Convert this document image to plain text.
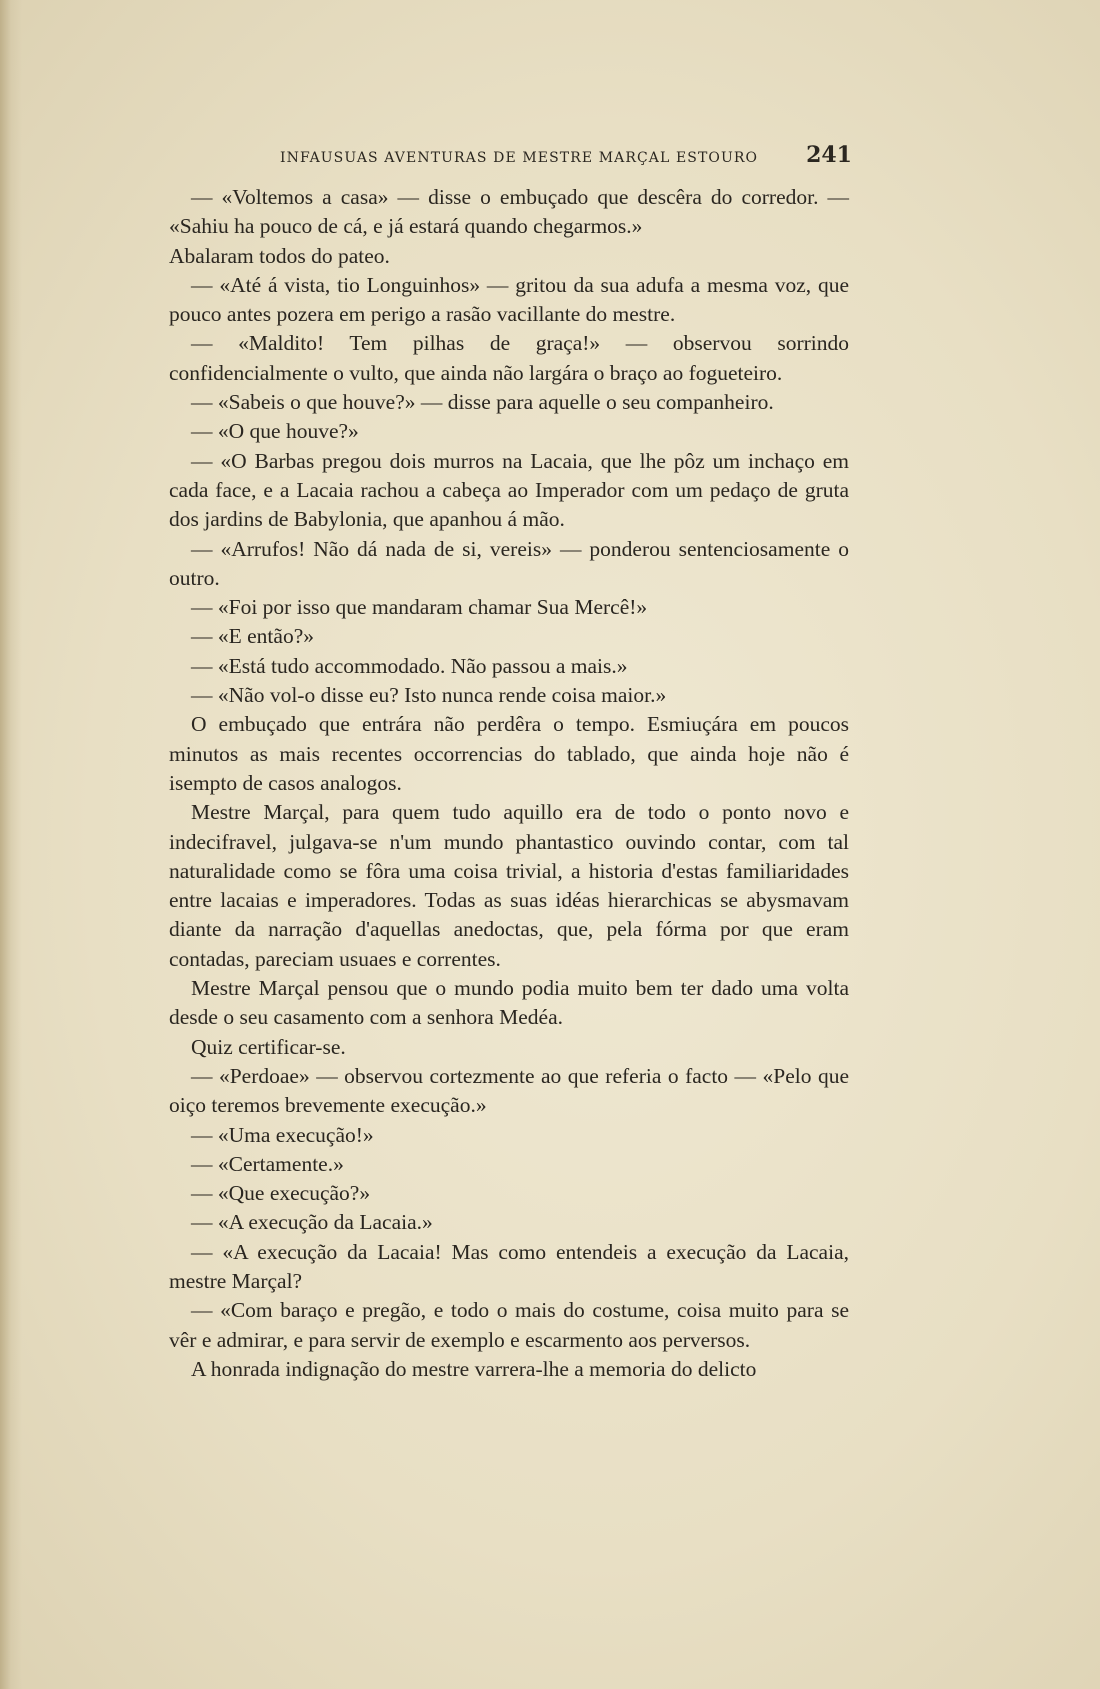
INFAUSUAS AVENTURAS DE MESTRE MARÇAL ESTOURO 241

— «Voltemos a casa» — disse o embuçado que descêra do corredor. — «Sahiu ha pouco de cá, e já estará quando chegarmos.»

Abalaram todos do pateo.

— «Até á vista, tio Longuinhos» — gritou da sua adufa a mesma voz, que pouco antes pozera em perigo a rasão vacillante do mestre.

— «Maldito! Tem pilhas de graça!» — observou sorrindo confidencialmente o vulto, que ainda não largára o braço ao fogueteiro.

— «Sabeis o que houve?» — disse para aquelle o seu companheiro.

— «O que houve?»

— «O Barbas pregou dois murros na Lacaia, que lhe pôz um inchaço em cada face, e a Lacaia rachou a cabeça ao Imperador com um pedaço de gruta dos jardins de Babylonia, que apanhou á mão.

— «Arrufos! Não dá nada de si, vereis» — ponderou sentenciosamente o outro.

— «Foi por isso que mandaram chamar Sua Mercê!»

— «E então?»

— «Está tudo accommodado. Não passou a mais.»

— «Não vol-o disse eu? Isto nunca rende coisa maior.»

O embuçado que entrára não perdêra o tempo. Esmiuçára em poucos minutos as mais recentes occorrencias do tablado, que ainda hoje não é isempto de casos analogos.

Mestre Marçal, para quem tudo aquillo era de todo o ponto novo e indecifravel, julgava-se n'um mundo phantastico ouvindo contar, com tal naturalidade como se fôra uma coisa trivial, a historia d'estas familiaridades entre lacaias e imperadores. Todas as suas idéas hierarchicas se abysmavam diante da narração d'aquellas anedoctas, que, pela fórma por que eram contadas, pareciam usuaes e correntes.

Mestre Marçal pensou que o mundo podia muito bem ter dado uma volta desde o seu casamento com a senhora Medéa.

Quiz certificar-se.

— «Perdoae» — observou cortezmente ao que referia o facto — «Pelo que oiço teremos brevemente execução.»

— «Uma execução!»

— «Certamente.»

— «Que execução?»

— «A execução da Lacaia.»

— «A execução da Lacaia! Mas como entendeis a execução da Lacaia, mestre Marçal?

— «Com baraço e pregão, e todo o mais do costume, coisa muito para se vêr e admirar, e para servir de exemplo e escarmento aos perversos.

A honrada indignação do mestre varrera-lhe a memoria do delicto
